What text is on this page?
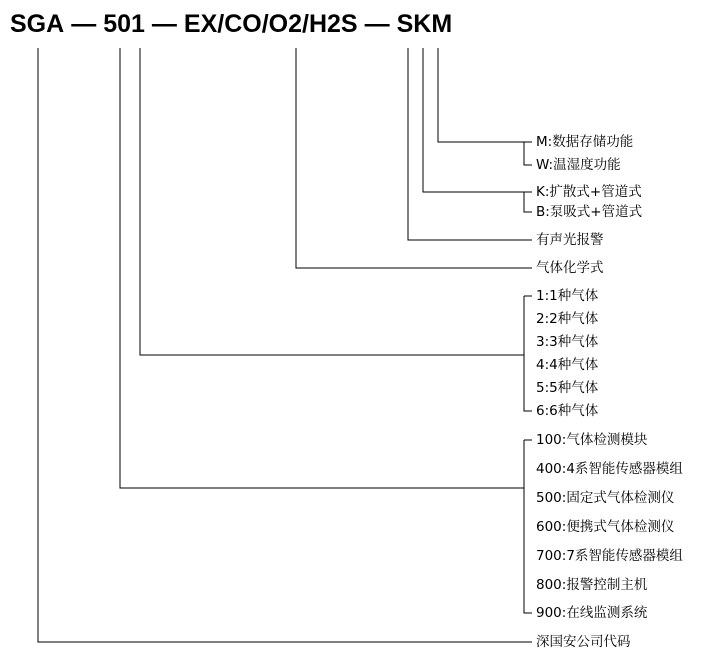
SGA — 501 — EX/CO/O2/H2S — SK M
M:数据存储功能
W:温湿度功能
K:扩散式+管道式
B:泵吸式+管道式
有声光报警
气体化学式
1:1种气体
2:2种气体
3:3种气体
4:4种气体
5:5种气体
6:6种气体
100:气体检测模块
400:4系智能传感器模组
500:固定式气体检测仪
600:便携式气体检测仪
700:7系智能传感器模组
800:报警控制主机
900:在线监测系统
深国安公司代码
